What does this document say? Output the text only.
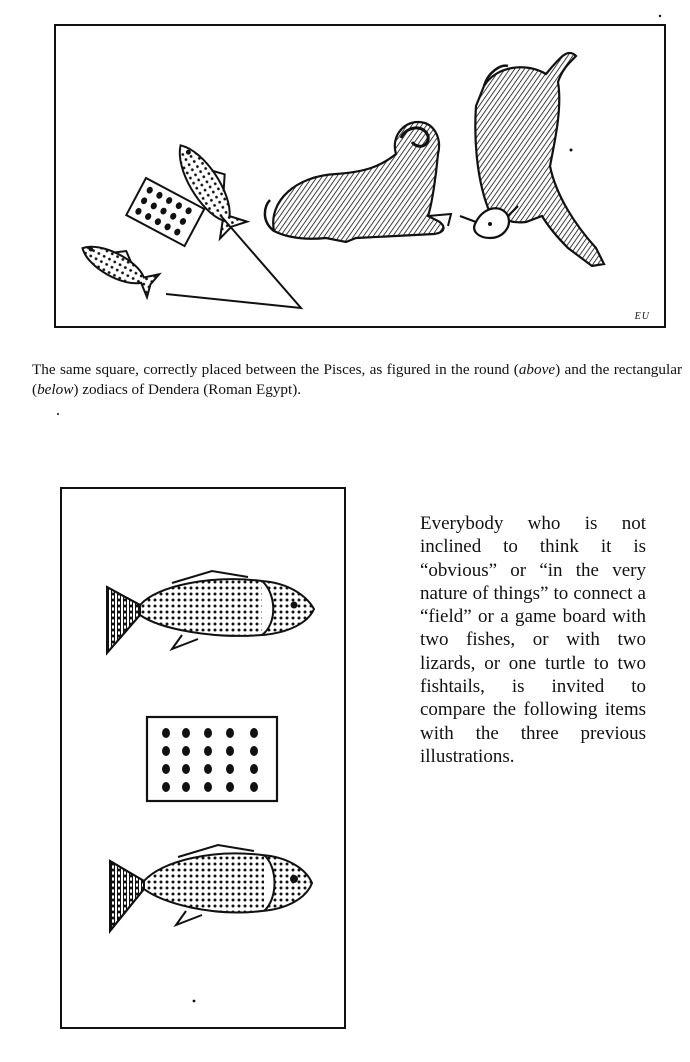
EU
The same square, correctly placed between the Pisces, as figured in the round (above) and the rectangular (below) zodiacs of Dendera (Roman Egypt).
Everybody who is not inclined to think it is “obvious” or “in the very nature of things” to connect a “field” or a game board with two fishes, or with two lizards, or one turtle to two fishtails, is invited to compare the following items with the three previous illustrations.
